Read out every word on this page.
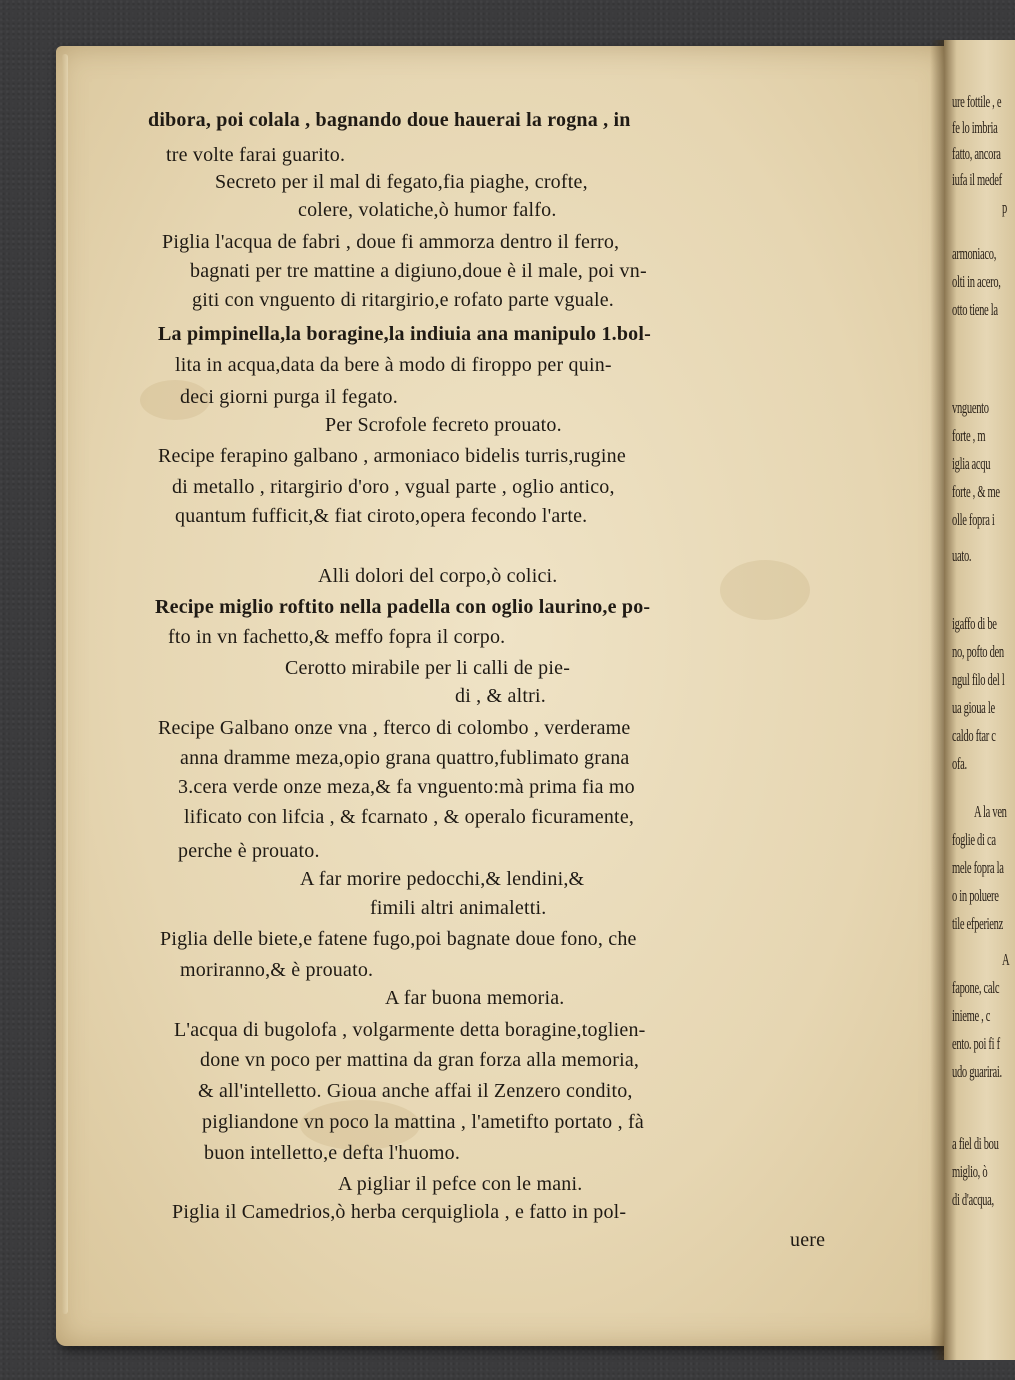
dibora, poi colala , bagnando doue hauerai la rogna , in
tre volte farai guarito.
Secreto per il mal di fegato,fia piaghe, crofte,
colere, volatiche,ò humor falfo.
Piglia l'acqua de fabri , doue fi ammorza dentro il ferro,
bagnati per tre mattine a digiuno,doue è il male, poi vn-
giti con vnguento di ritargirio,e rofato parte vguale.
La pimpinella,la boragine,la indiuia ana manipulo 1.bol-
lita in acqua,data da bere à modo di firoppo per quin-
deci giorni purga il fegato.
Per Scrofole fecreto prouato.
Recipe ferapino galbano , armoniaco bidelis turris,rugine
di metallo , ritargirio d'oro , vgual parte , oglio antico,
quantum fufficit,& fiat ciroto,opera fecondo l'arte.
Alli dolori del corpo,ò colici.
Recipe miglio roftito nella padella con oglio laurino,e po-
fto in vn fachetto,& meffo fopra il corpo.
Cerotto mirabile per li calli de pie-
di , & altri.
Recipe Galbano onze vna , fterco di colombo , verderame
anna dramme meza,opio grana quattro,fublimato grana
3.cera verde onze meza,& fa vnguento:mà prima fia mo
lificato con lifcia , & fcarnato , & operalo ficuramente,
perche è prouato.
A far morire pedocchi,& lendini,&
fimili altri animaletti.
Piglia delle biete,e fatene fugo,poi bagnate doue fono, che
moriranno,& è prouato.
A far buona memoria.
L'acqua di bugolofa , volgarmente detta boragine,toglien-
done vn poco per mattina da gran forza alla memoria,
& all'intelletto. Gioua anche affai il Zenzero condito,
pigliandone vn poco la mattina , l'ametifto portato , fà
buon intelletto,e defta l'huomo.
A pigliar il pefce con le mani.
Piglia il Camedrios,ò herba cerquigliola , e fatto in pol-
uere
ure fottile , e
fe lo imbria
fatto, ancora
iufa il medef
p
armoniaco,
olti in acero,
otto tiene la
vnguento
forte , m
iglia acqu
forte , & me
olle fopra i
uato.
igaffo di be
no, pofto den
ngul filo del l
ua gioua le
caldo ftar c
ofa.
A la ven
foglie di ca
mele fopra la
o in poluere
tile efperienz
A
fapone, calc
inieme , c
ento. poi fi f
udo guarirai.
a fiel di bou
miglio, ò
di d'acqua,
